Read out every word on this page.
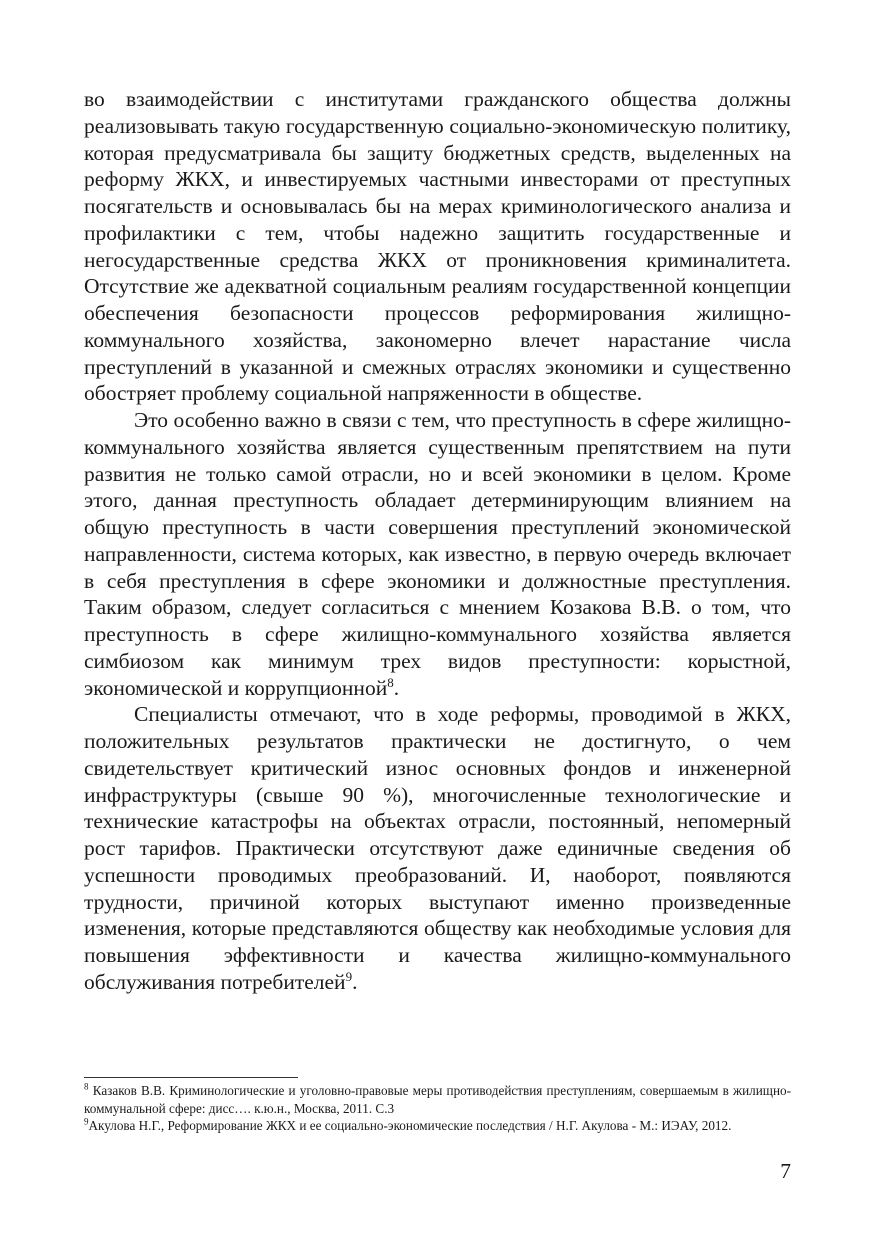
во взаимодействии с институтами гражданского общества должны реализовывать такую государственную социально-экономическую политику, которая предусматривала бы защиту бюджетных средств, выделенных на реформу ЖКХ, и инвестируемых частными инвесторами от преступных посягательств и основывалась бы на мерах криминологического анализа и профилактики с тем, чтобы надежно защитить государственные и негосударственные средства ЖКХ от проникновения криминалитета. Отсутствие же адекватной социальным реалиям государственной концепции обеспечения безопасности процессов реформирования жилищно-коммунального хозяйства, закономерно влечет нарастание числа преступлений в указанной и смежных отраслях экономики и существенно обостряет проблему социальной напряженности в обществе.

Это особенно важно в связи с тем, что преступность в сфере жилищно-коммунального хозяйства является существенным препятствием на пути развития не только самой отрасли, но и всей экономики в целом. Кроме этого, данная преступность обладает детерминирующим влиянием на общую преступность в части совершения преступлений экономической направленности, система которых, как известно, в первую очередь включает в себя преступления в сфере экономики и должностные преступления. Таким образом, следует согласиться с мнением Козакова В.В. о том, что преступность в сфере жилищно-коммунального хозяйства является симбиозом как минимум трех видов преступности: корыстной, экономической и коррупционной$^8$.

Специалисты отмечают, что в ходе реформы, проводимой в ЖКХ, положительных результатов практически не достигнуто, о чем свидетельствует критический износ основных фондов и инженерной инфраструктуры (свыше 90 %), многочисленные технологические и технические катастрофы на объектах отрасли, постоянный, непомерный рост тарифов. Практически отсутствуют даже единичные сведения об успешности проводимых преобразований. И, наоборот, появляются трудности, причиной которых выступают именно произведенные изменения, которые представляются обществу как необходимые условия для повышения эффективности и качества жилищно-коммунального обслуживания потребителей$^9$.

$^8$ Казаков В.В. Криминологические и уголовно-правовые меры противодействия преступлениям, совершаемым в жилищно-коммунальной сфере: дисс…. к.ю.н., Москва, 2011. С.3

$^9$Акулова Н.Г., Реформирование ЖКХ и ее социально-экономические последствия / Н.Г. Акулова - М.: ИЭАУ, 2012.

7
